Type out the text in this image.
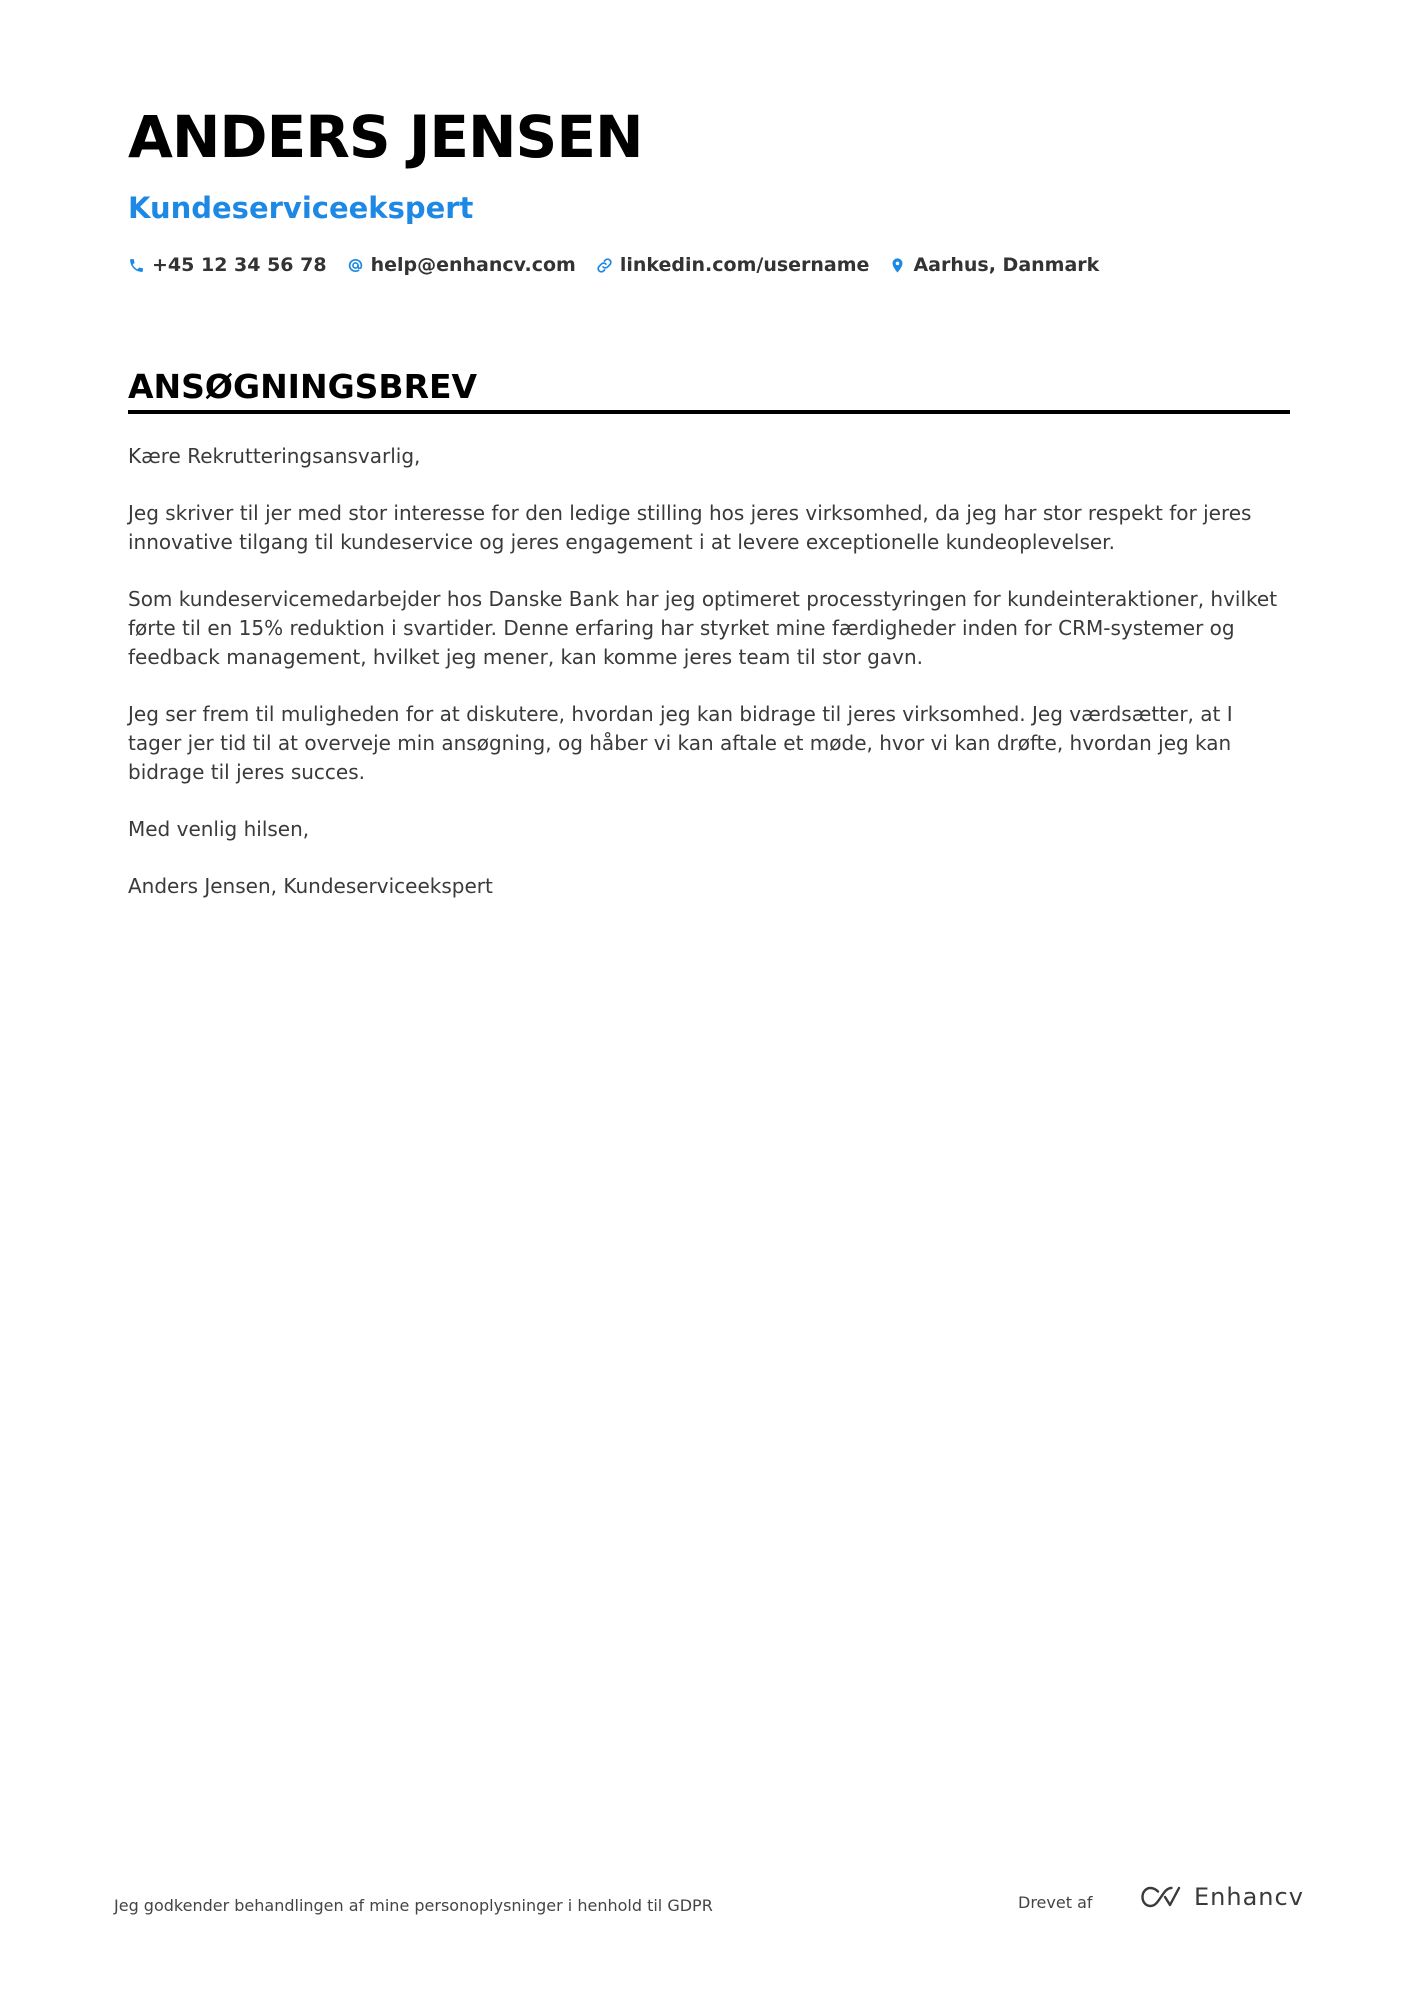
ANDERS JENSEN
Kundeserviceekspert
+45 12 34 56 78 help@enhancv.com linkedin.com/username Aarhus, Danmark
ANSØGNINGSBREV

Kære Rekrutteringsansvarlig,

Jeg skriver til jer med stor interesse for den ledige stilling hos jeres virksomhed, da jeg har stor respekt for jeres innovative tilgang til kundeservice og jeres engagement i at levere exceptionelle kundeoplevelser.

Som kundeservicemedarbejder hos Danske Bank har jeg optimeret processtyringen for kundeinteraktioner, hvilket førte til en 15% reduktion i svartider. Denne erfaring har styrket mine færdigheder inden for CRM-systemer og feedback management, hvilket jeg mener, kan komme jeres team til stor gavn.

Jeg ser frem til muligheden for at diskutere, hvordan jeg kan bidrage til jeres virksomhed. Jeg værdsætter, at I tager jer tid til at overveje min ansøgning, og håber vi kan aftale et møde, hvor vi kan drøfte, hvordan jeg kan bidrage til jeres succes.

Med venlig hilsen,

Anders Jensen, Kundeserviceekspert

Jeg godkender behandlingen af mine personoplysninger i henhold til GDPR	Drevet af	Enhancv
